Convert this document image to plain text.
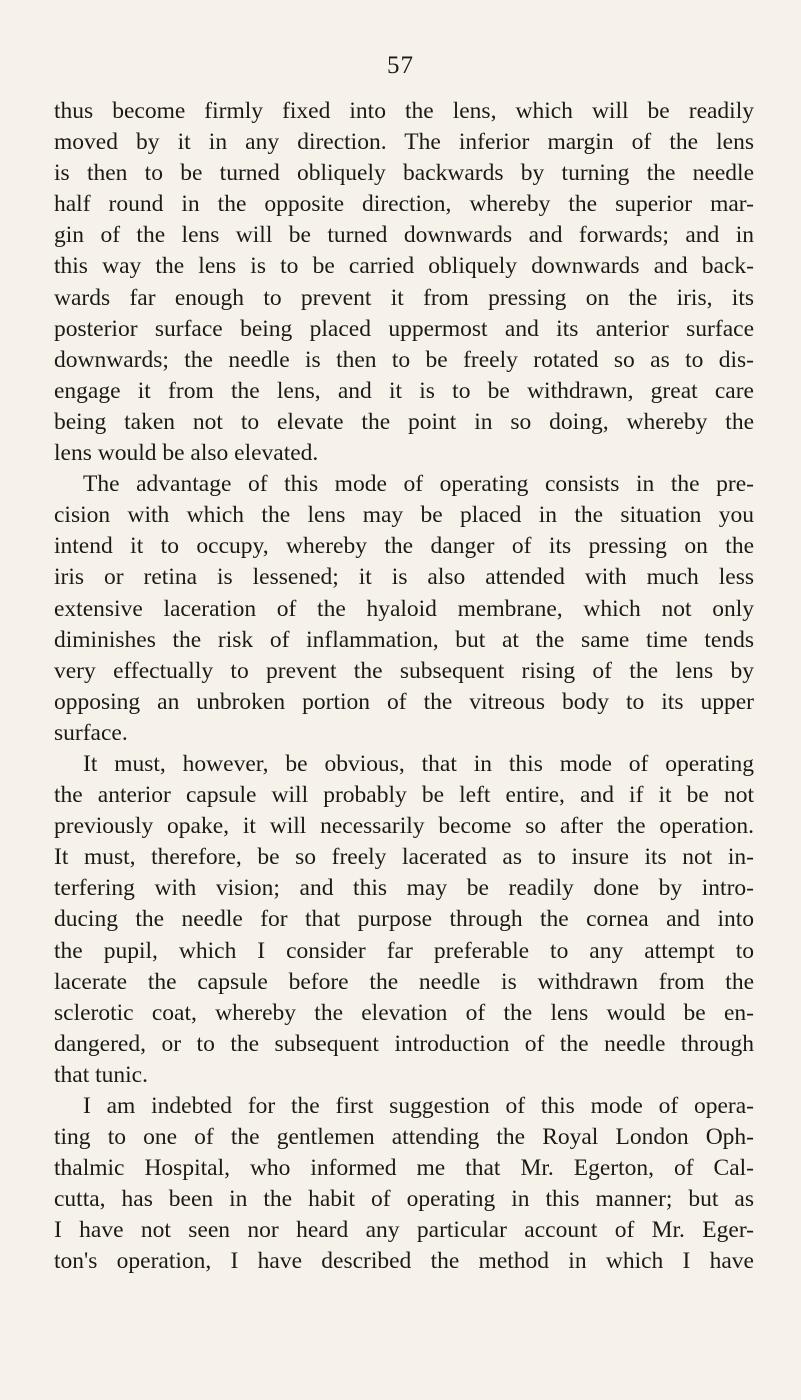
57
thus become firmly fixed into the lens, which will be readily
moved by it in any direction. The inferior margin of the lens
is then to be turned obliquely backwards by turning the needle
half round in the opposite direction, whereby the superior mar-
gin of the lens will be turned downwards and forwards; and in
this way the lens is to be carried obliquely downwards and back-
wards far enough to prevent it from pressing on the iris, its
posterior surface being placed uppermost and its anterior surface
downwards; the needle is then to be freely rotated so as to dis-
engage it from the lens, and it is to be withdrawn, great care
being taken not to elevate the point in so doing, whereby the
lens would be also elevated.
The advantage of this mode of operating consists in the pre-
cision with which the lens may be placed in the situation you
intend it to occupy, whereby the danger of its pressing on the
iris or retina is lessened; it is also attended with much less
extensive laceration of the hyaloid membrane, which not only
diminishes the risk of inflammation, but at the same time tends
very effectually to prevent the subsequent rising of the lens by
opposing an unbroken portion of the vitreous body to its upper
surface.
It must, however, be obvious, that in this mode of operating
the anterior capsule will probably be left entire, and if it be not
previously opake, it will necessarily become so after the operation.
It must, therefore, be so freely lacerated as to insure its not in-
terfering with vision; and this may be readily done by intro-
ducing the needle for that purpose through the cornea and into
the pupil, which I consider far preferable to any attempt to
lacerate the capsule before the needle is withdrawn from the
sclerotic coat, whereby the elevation of the lens would be en-
dangered, or to the subsequent introduction of the needle through
that tunic.
I am indebted for the first suggestion of this mode of opera-
ting to one of the gentlemen attending the Royal London Oph-
thalmic Hospital, who informed me that Mr. Egerton, of Cal-
cutta, has been in the habit of operating in this manner; but as
I have not seen nor heard any particular account of Mr. Eger-
ton's operation, I have described the method in which I have
